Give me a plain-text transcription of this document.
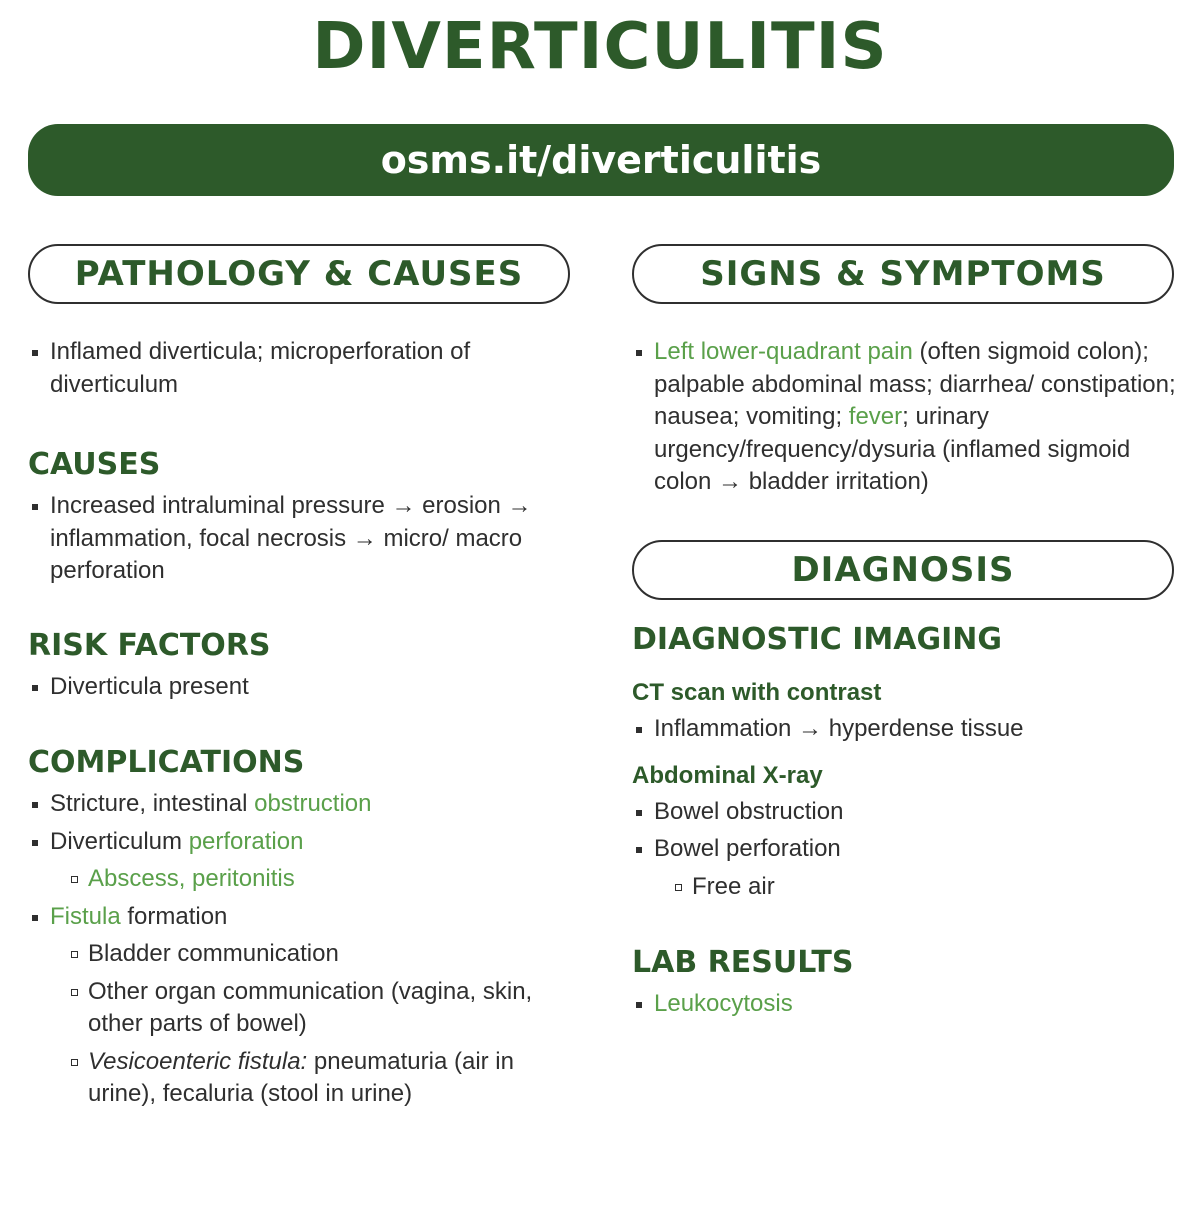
DIVERTICULITIS
osms.it/diverticulitis
PATHOLOGY & CAUSES
Inflamed diverticula; microperforation of diverticulum
CAUSES
Increased intraluminal pressure → erosion → inflammation, focal necrosis → micro/ macro perforation
RISK FACTORS
Diverticula present
COMPLICATIONS
Stricture, intestinal obstruction
Diverticulum perforation
Abscess, peritonitis
Fistula formation
Bladder communication
Other organ communication (vagina, skin, other parts of bowel)
Vesicoenteric fistula: pneumaturia (air in urine), fecaluria (stool in urine)
SIGNS & SYMPTOMS
Left lower-quadrant pain (often sigmoid colon); palpable abdominal mass; diarrhea/ constipation; nausea; vomiting; fever; urinary urgency/frequency/dysuria (inflamed sigmoid colon → bladder irritation)
DIAGNOSIS
DIAGNOSTIC IMAGING
CT scan with contrast
Inflammation → hyperdense tissue
Abdominal X-ray
Bowel obstruction
Bowel perforation
Free air
LAB RESULTS
Leukocytosis
